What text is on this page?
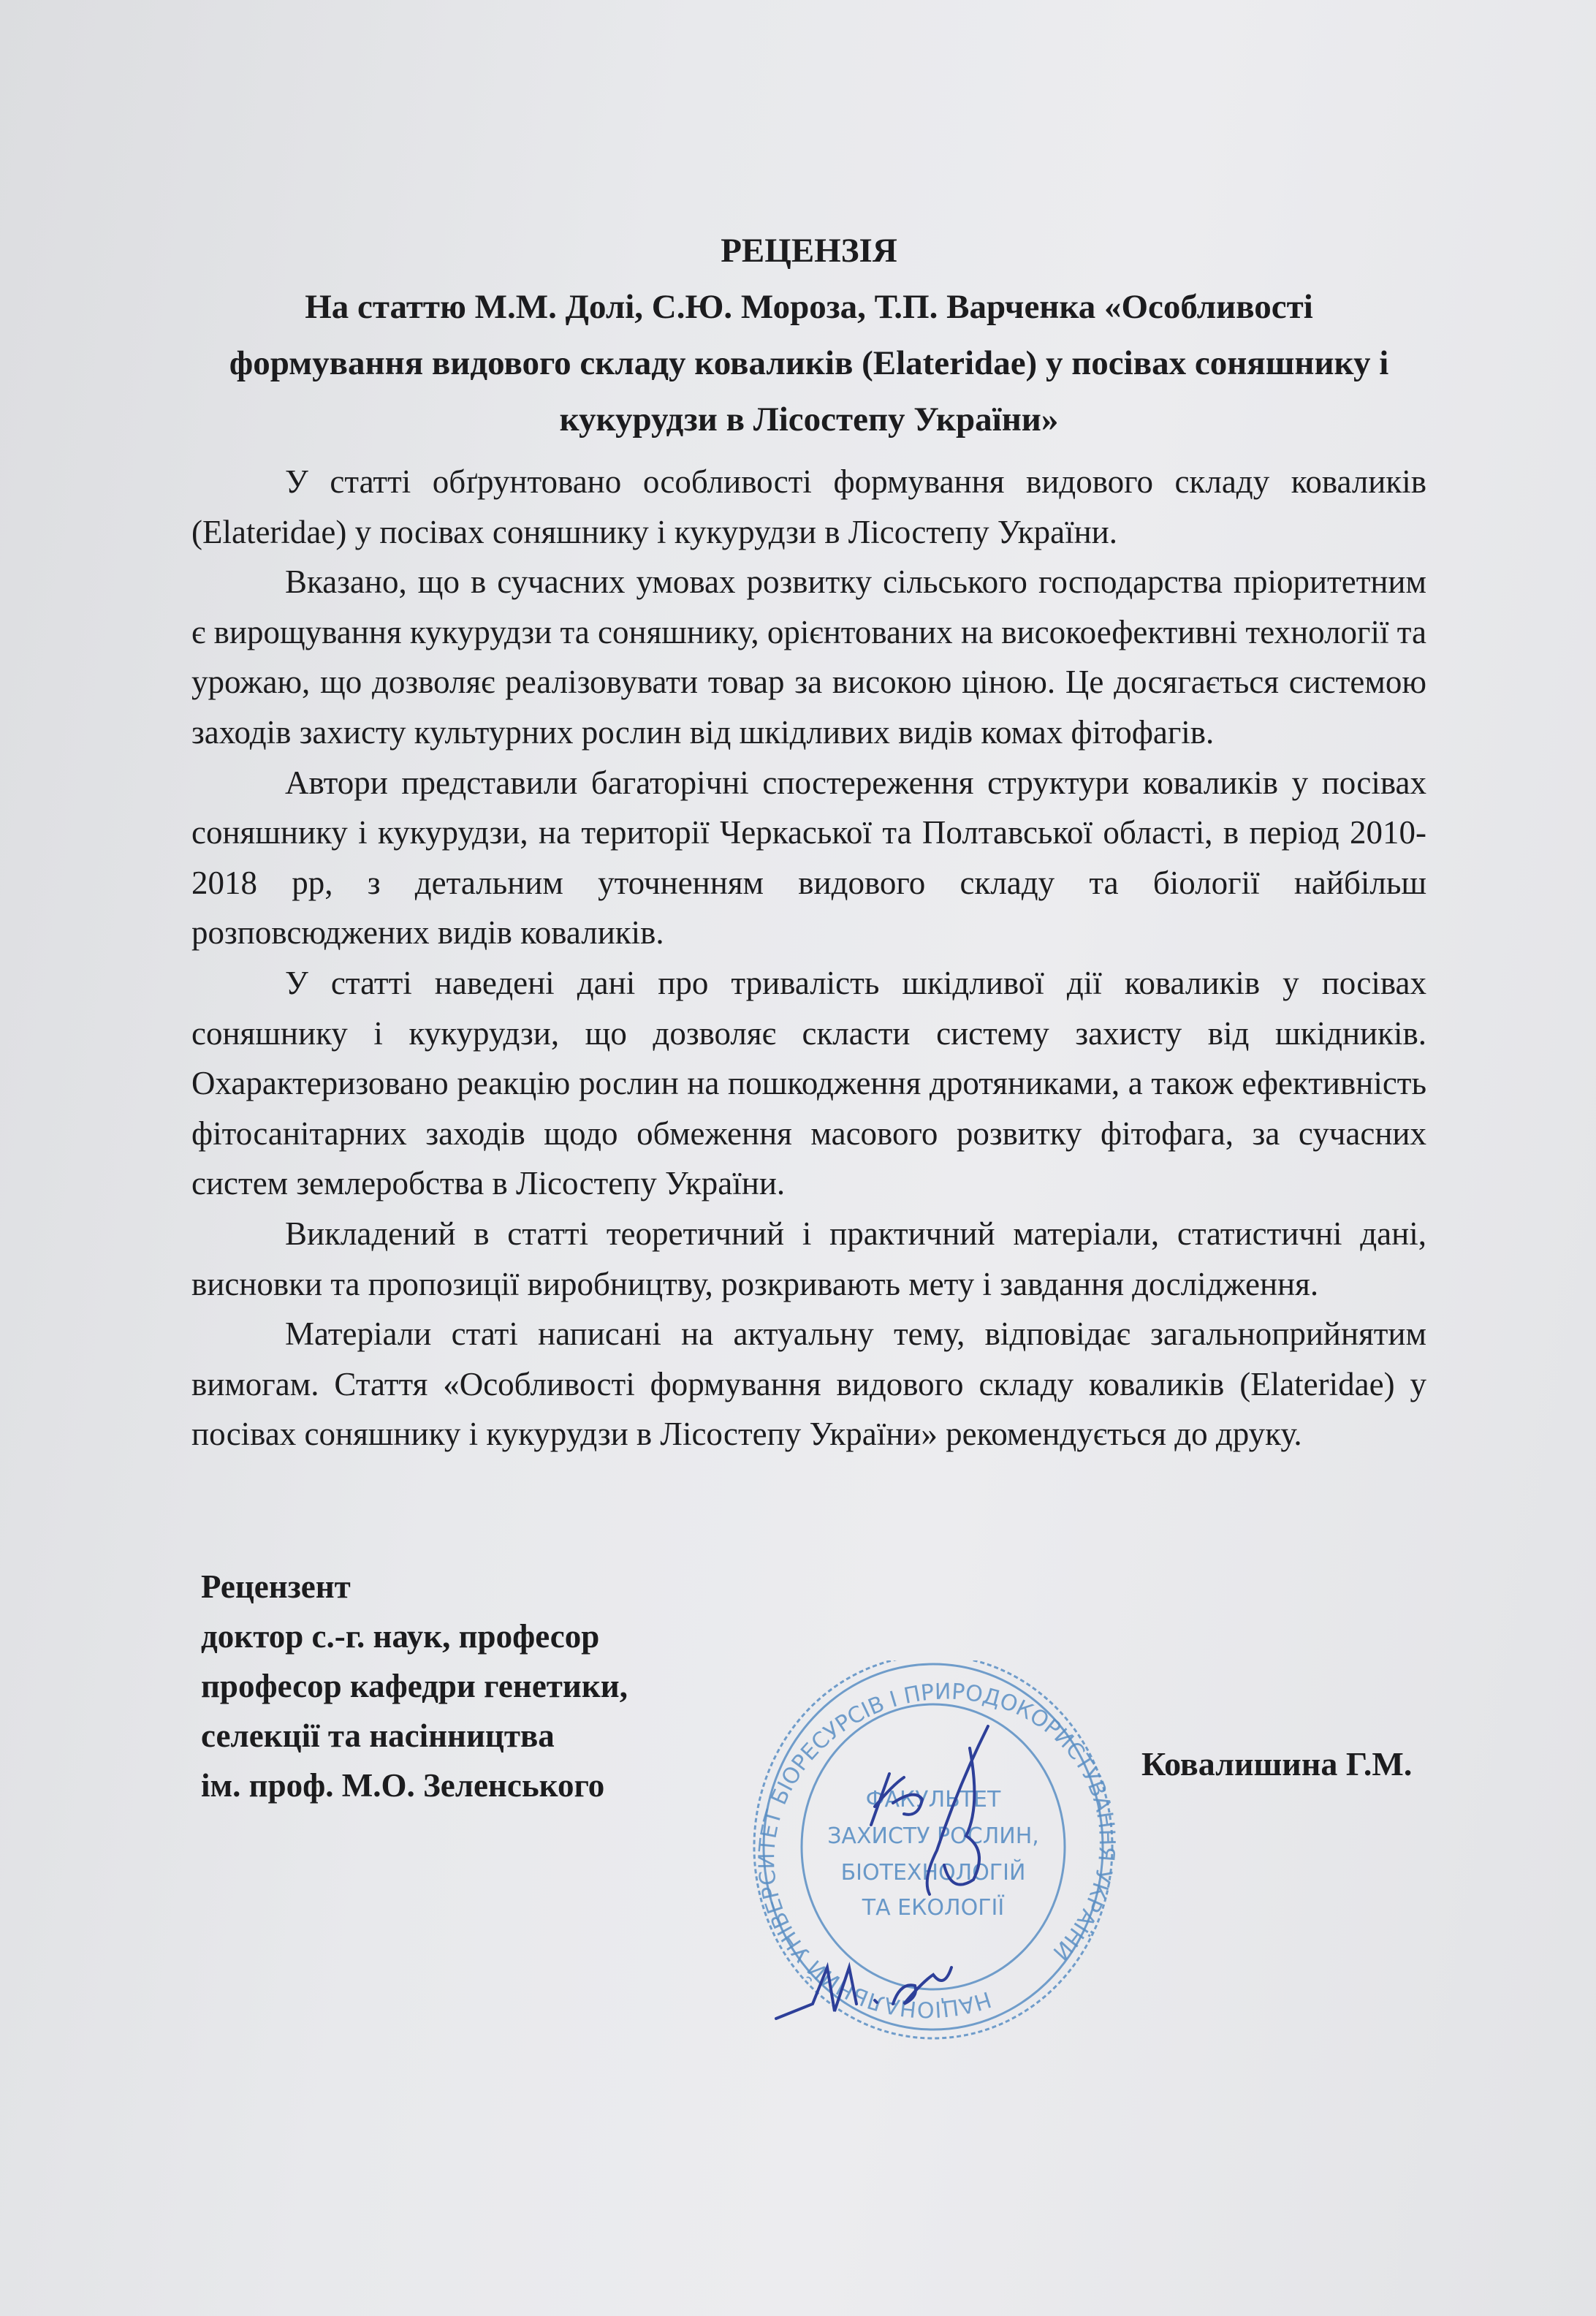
РЕЦЕНЗІЯ
На статтю М.М. Долі, С.Ю. Мороза, Т.П. Варченка «Особливості
формування видового складу коваликів (Elateridae) у посівах соняшнику і
кукурудзи в Лісостепу України»

У статті обґрунтовано особливості формування видового складу коваликів (Elateridae) у посівах соняшнику і кукурудзи в Лісостепу України.

Вказано, що в сучасних умовах розвитку сільського господарства пріоритетним є вирощування кукурудзи та соняшнику, орієнтованих на високоефективні технології та урожаю, що дозволяє реалізовувати товар за високою ціною. Це досягається системою заходів захисту культурних рослин від шкідливих видів комах фітофагів.

Автори представили багаторічні спостереження структури коваликів у посівах соняшнику і кукурудзи, на території Черкаської та Полтавської області, в період 2010-2018 рр, з детальним уточненням видового складу та біології найбільш розповсюджених видів коваликів.

У статті наведені дані про тривалість шкідливої дії коваликів у посівах соняшнику і кукурудзи, що дозволяє скласти систему захисту від шкідників. Охарактеризовано реакцію рослин на пошкодження дротяниками, а також ефективність фітосанітарних заходів щодо обмеження масового розвитку фітофага, за сучасних систем землеробства в Лісостепу України.

Викладений в статті теоретичний і практичний матеріали, статистичні дані, висновки та пропозиції виробництву, розкривають мету і завдання дослідження.

Матеріали статі написані на актуальну тему, відповідає загальноприйнятим вимогам. Стаття «Особливості формування видового складу коваликів (Elateridae) у посівах соняшнику і кукурудзи в Лісостепу України» рекомендується до друку.

Рецензент
доктор с.-г. наук, професор
професор кафедри генетики,
селекції та насінництва
ім. проф. М.О. Зеленського
НАЦІОНАЛЬНИЙ УНІВЕРСИТЕТ БІОРЕСУРСІВ І ПРИРОДОКОРИСТУВАННЯ УКРАЇНИ
ФАКУЛЬТЕТ
ЗАХИСТУ РОСЛИН,
БІОТЕХНОЛОГІЙ
ТА ЕКОЛОГІЇ
Ковалишина Г.М.
